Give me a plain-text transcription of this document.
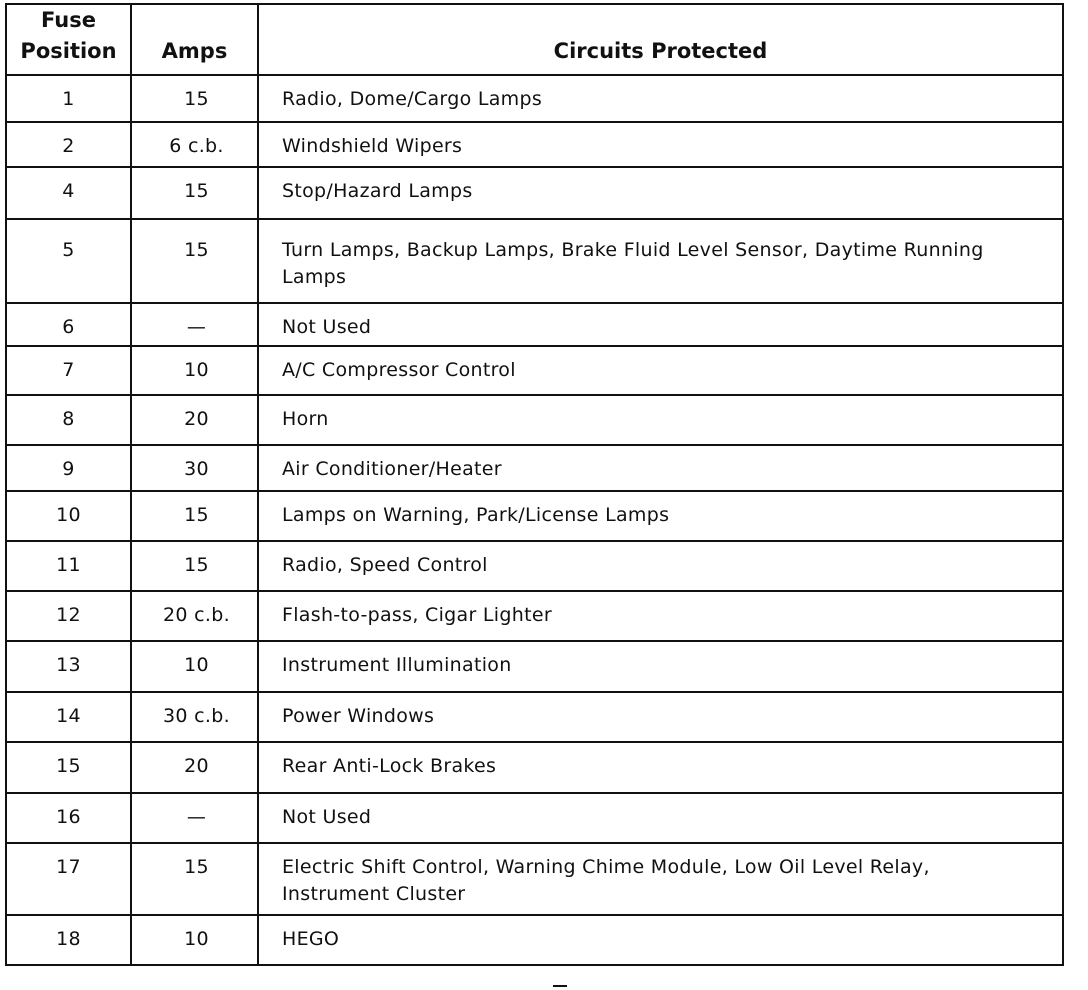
Fuse
Position	Amps	Circuits Protected
1	15	Radio, Dome/Cargo Lamps
2	6 c.b.	Windshield Wipers
4	15	Stop/Hazard Lamps
5	15	Turn Lamps, Backup Lamps, Brake Fluid Level Sensor, Daytime Running Lamps
6	—	Not Used
7	10	A/C Compressor Control
8	20	Horn
9	30	Air Conditioner/Heater
10	15	Lamps on Warning, Park/License Lamps
11	15	Radio, Speed Control
12	20 c.b.	Flash-to-pass, Cigar Lighter
13	10	Instrument Illumination
14	30 c.b.	Power Windows
15	20	Rear Anti-Lock Brakes
16	—	Not Used
17	15	Electric Shift Control, Warning Chime Module, Low Oil Level Relay, Instrument Cluster
18	10	HEGO
